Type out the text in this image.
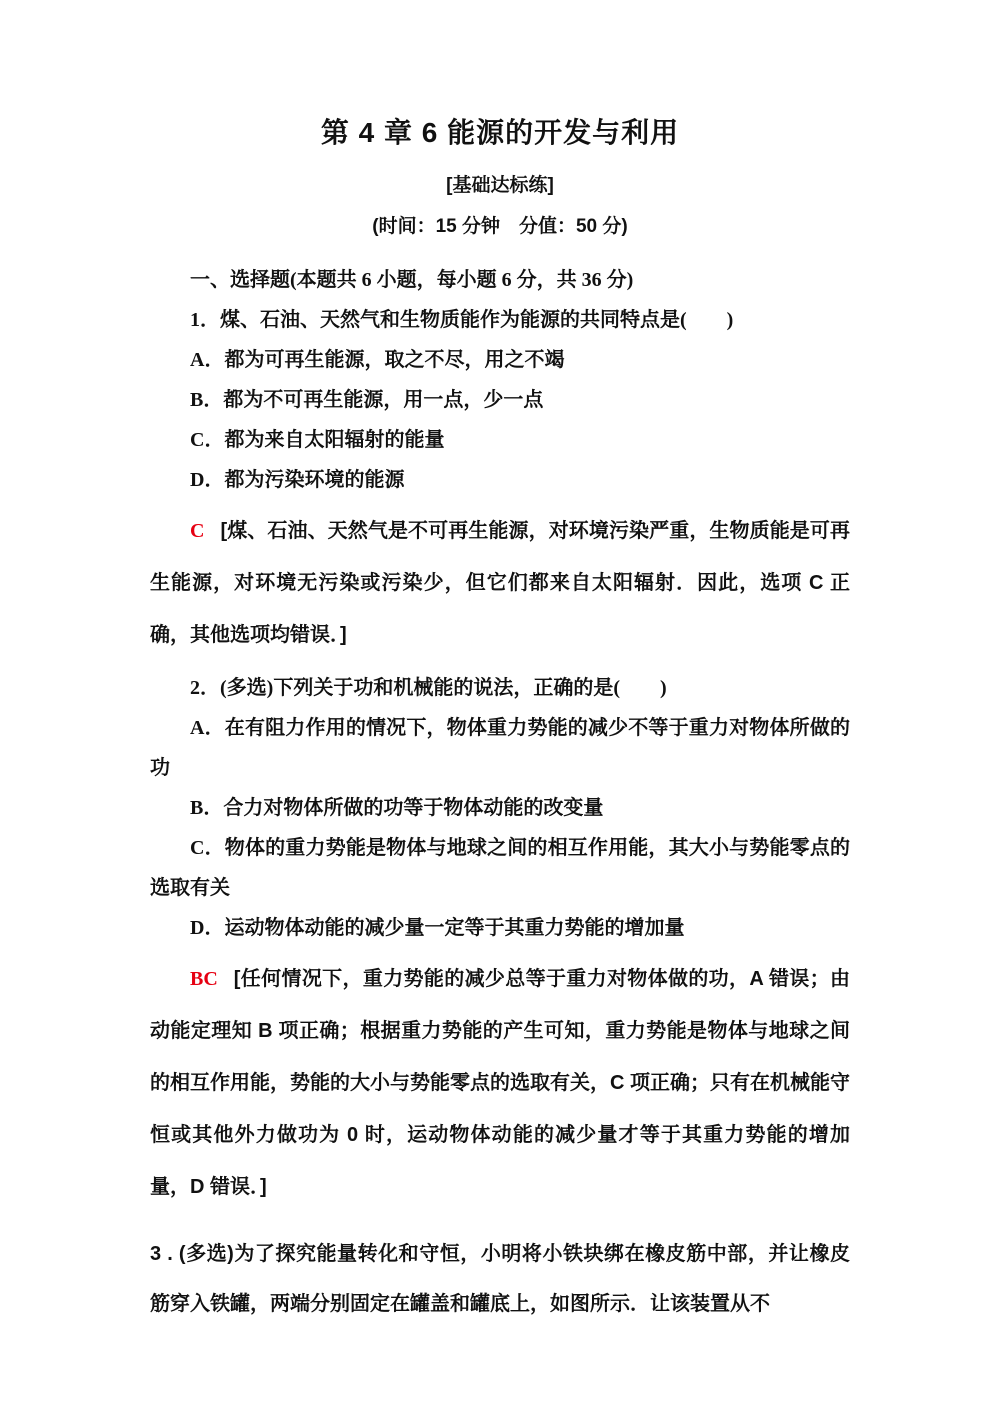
第 4 章 6 能源的开发与利用
[基础达标练]
(时间：15 分钟　分值：50 分)

一、选择题(本题共 6 小题，每小题 6 分，共 36 分)

1．煤、石油、天然气和生物质能作为能源的共同特点是(　　)

A．都为可再生能源，取之不尽，用之不竭

B．都为不可再生能源，用一点，少一点

C．都为来自太阳辐射的能量

D．都为污染环境的能源

C [煤、石油、天然气是不可再生能源，对环境污染严重，生物质能是可再生能源，对环境无污染或污染少，但它们都来自太阳辐射．因此，选项 C 正确，其他选项均错误．]

2．(多选)下列关于功和机械能的说法，正确的是(　　)

A．在有阻力作用的情况下，物体重力势能的减少不等于重力对物体所做的功

B．合力对物体所做的功等于物体动能的改变量

C．物体的重力势能是物体与地球之间的相互作用能，其大小与势能零点的选取有关

D．运动物体动能的减少量一定等于其重力势能的增加量

BC [任何情况下，重力势能的减少总等于重力对物体做的功，A 错误；由动能定理知 B 项正确；根据重力势能的产生可知，重力势能是物体与地球之间的相互作用能，势能的大小与势能零点的选取有关，C 项正确；只有在机械能守恒或其他外力做功为 0 时，运动物体动能的减少量才等于其重力势能的增加量，D 错误．]

3 . (多选)为了探究能量转化和守恒，小明将小铁块绑在橡皮筋中部，并让橡皮筋穿入铁罐，两端分别固定在罐盖和罐底上，如图所示．让该装置从不
